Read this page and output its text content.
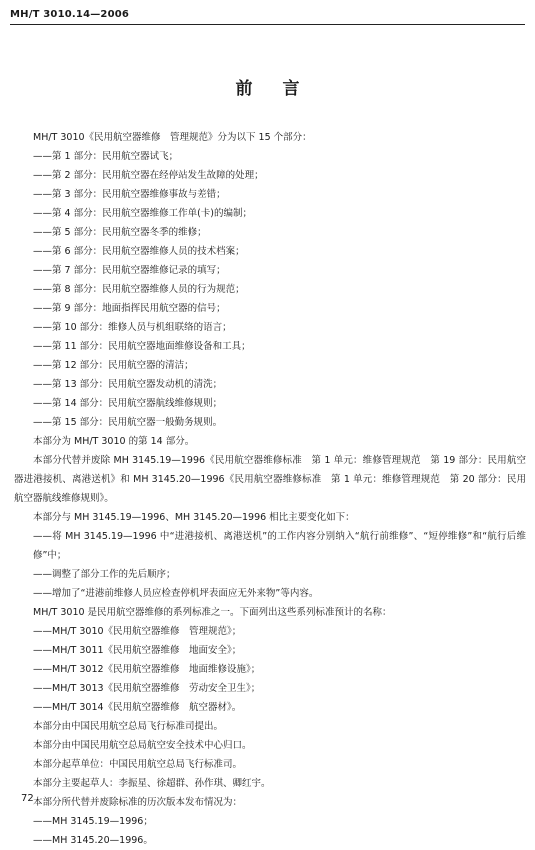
MH/T 3010.14—2006
前言

MH/T 3010《民用航空器维修　管理规范》分为以下 15 个部分：

——第 1 部分：民用航空器试飞；

——第 2 部分：民用航空器在经停站发生故障的处理；

——第 3 部分：民用航空器维修事故与差错；

——第 4 部分：民用航空器维修工作单(卡)的编制；

——第 5 部分：民用航空器冬季的维修；

——第 6 部分：民用航空器维修人员的技术档案；

——第 7 部分：民用航空器维修记录的填写；

——第 8 部分：民用航空器维修人员的行为规范；

——第 9 部分：地面指挥民用航空器的信号；

——第 10 部分：维修人员与机组联络的语言；

——第 11 部分：民用航空器地面维修设备和工具；

——第 12 部分：民用航空器的清洁；

——第 13 部分：民用航空器发动机的清洗；

——第 14 部分：民用航空器航线维修规则；

——第 15 部分：民用航空器一般勤务规则。

本部分为 MH/T 3010 的第 14 部分。

本部分代替并废除 MH 3145.19—1996《民用航空器维修标准　第 1 单元：维修管理规范　第 19 部分：民用航空器进港接机、离港送机》和 MH 3145.20—1996《民用航空器维修标准　第 1 单元：维修管理规范　第 20 部分：民用航空器航线维修规则》。

本部分与 MH 3145.19—1996、MH 3145.20—1996 相比主要变化如下：

——将 MH 3145.19—1996 中“进港接机、离港送机”的工作内容分别纳入“航行前维修”、“短停维修”和“航行后维修”中；

——调整了部分工作的先后顺序；

——增加了“进港前维修人员应检查停机坪表面应无外来物”等内容。

MH/T 3010 是民用航空器维修的系列标准之一。下面列出这些系列标准预计的名称：

——MH/T 3010《民用航空器维修　管理规范》；

——MH/T 3011《民用航空器维修　地面安全》；

——MH/T 3012《民用航空器维修　地面维修设施》；

——MH/T 3013《民用航空器维修　劳动安全卫生》；

——MH/T 3014《民用航空器维修　航空器材》。

本部分由中国民用航空总局飞行标准司提出。

本部分由中国民用航空总局航空安全技术中心归口。

本部分起草单位：中国民用航空总局飞行标准司。

本部分主要起草人：李振星、徐超群、孙作琪、卿红宇。

本部分所代替并废除标准的历次版本发布情况为：

——MH 3145.19—1996；

——MH 3145.20—1996。

72
